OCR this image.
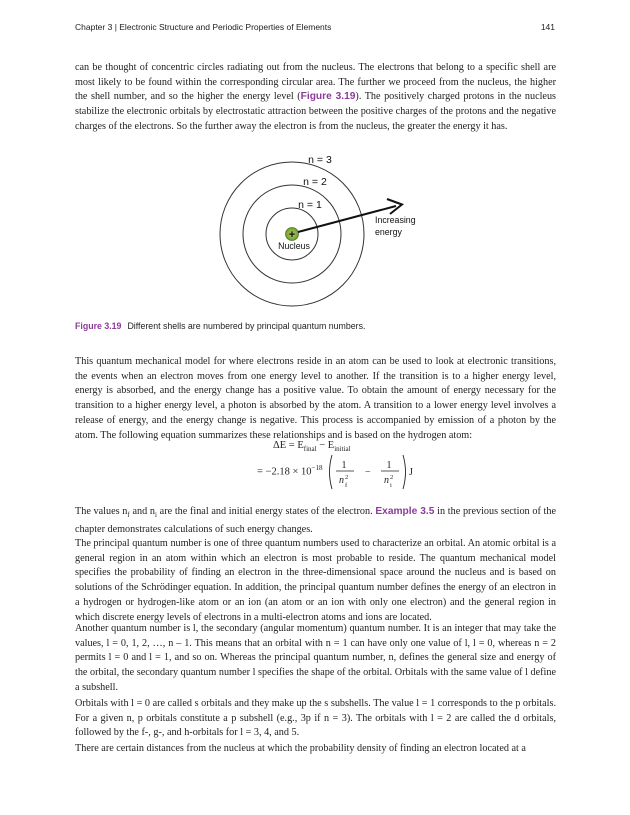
Chapter 3 | Electronic Structure and Periodic Properties of Elements	141

can be thought of concentric circles radiating out from the nucleus. The electrons that belong to a specific shell are most likely to be found within the corresponding circular area. The further we proceed from the nucleus, the higher the shell number, and so the higher the energy level (Figure 3.19). The positively charged protons in the nucleus stabilize the electronic orbitals by electrostatic attraction between the positive charges of the protons and the negative charges of the electrons. So the further away the electron is from the nucleus, the greater the energy it has.

+
n = 3
n = 2
n = 1
Nucleus
Increasing
energy
Figure 3.19 Different shells are numbered by principal quantum numbers.

This quantum mechanical model for where electrons reside in an atom can be used to look at electronic transitions, the events when an electron moves from one energy level to another. If the transition is to a higher energy level, energy is absorbed, and the energy change has a positive value. To obtain the amount of energy necessary for the transition to a higher energy level, a photon is absorbed by the atom. A transition to a lower energy level involves a release of energy, and the energy change is negative. This process is accompanied by emission of a photon by the atom. The following equation summarizes these relationships and is based on the hydrogen atom:

$\Delta E = E_{final} - E_{initial}$
= $-2.18 \times 10^{-18}$ 1
n 2
f
−
1
n 2
i
J

The values $n_f$ and $n_i$ are the final and initial energy states of the electron. Example 3.5 in the previous section of the chapter demonstrates calculations of such energy changes.

The principal quantum number is one of three quantum numbers used to characterize an orbital. An atomic orbital is a general region in an atom within which an electron is most probable to reside. The quantum mechanical model specifies the probability of finding an electron in the three-dimensional space around the nucleus and is based on solutions of the Schrödinger equation. In addition, the principal quantum number defines the energy of an electron in a hydrogen or hydrogen-like atom or an ion (an atom or an ion with only one electron) and the general region in which discrete energy levels of electrons in a multi-electron atoms and ions are located.

Another quantum number is l, the secondary (angular momentum) quantum number. It is an integer that may take the values, l = 0, 1, 2, …, n – 1. This means that an orbital with n = 1 can have only one value of l, l = 0, whereas n = 2 permits l = 0 and l = 1, and so on. Whereas the principal quantum number, n, defines the general size and energy of the orbital, the secondary quantum number l specifies the shape of the orbital. Orbitals with the same value of l define a subshell.

Orbitals with l = 0 are called s orbitals and they make up the s subshells. The value l = 1 corresponds to the p orbitals. For a given n, p orbitals constitute a p subshell (e.g., 3p if n = 3). The orbitals with l = 2 are called the d orbitals, followed by the f-, g-, and h-orbitals for l = 3, 4, and 5.

There are certain distances from the nucleus at which the probability density of finding an electron located at a
